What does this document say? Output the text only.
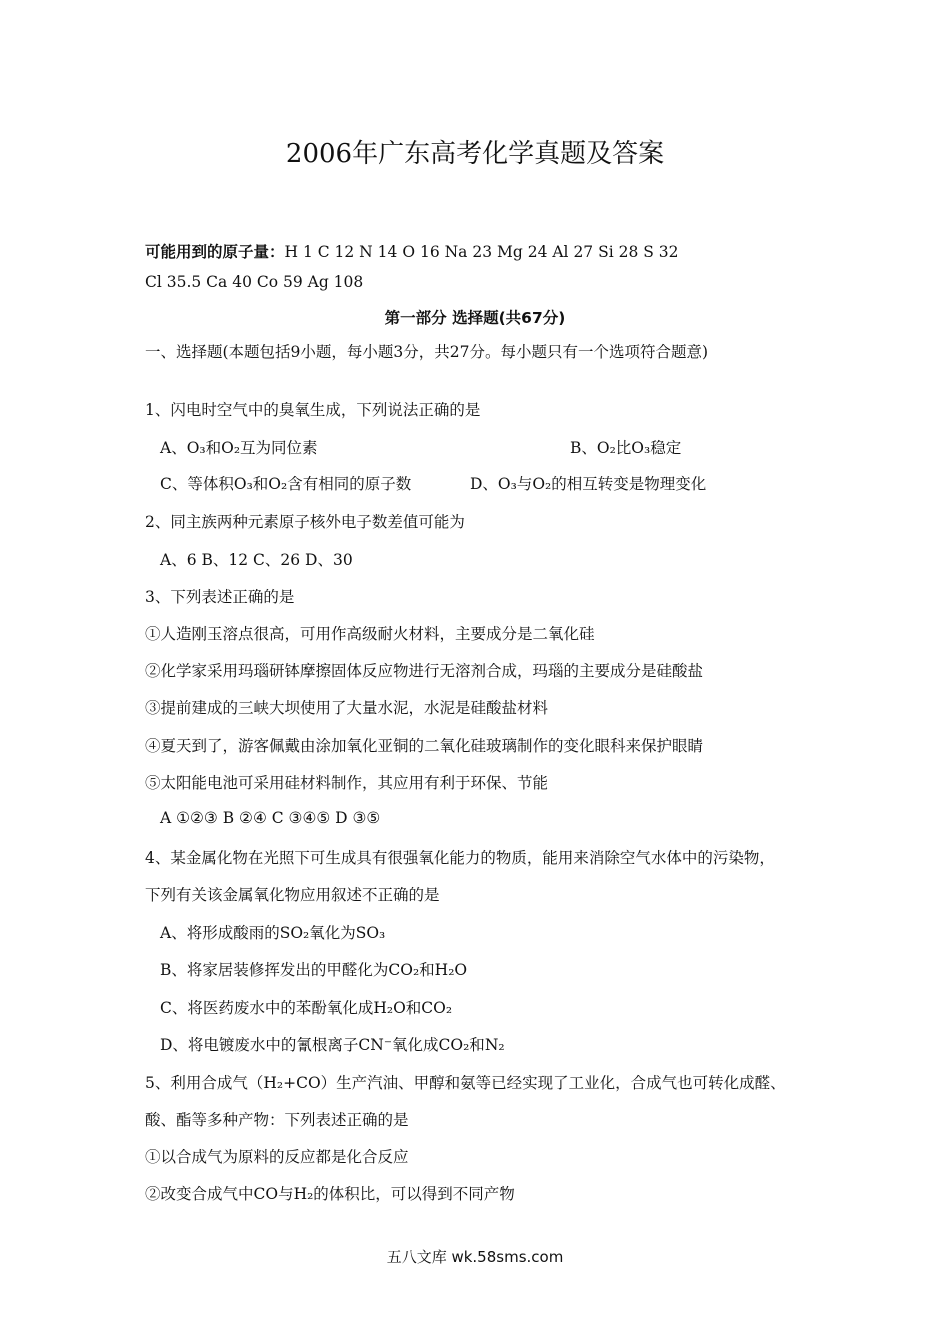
2006年广东高考化学真题及答案
可能用到的原子量：H 1 C 12 N 14 O 16 Na 23 Mg 24 Al 27 Si 28 S 32
Cl 35.5 Ca 40 Co 59 Ag 108
第一部分 选择题(共67分)
一、选择题(本题包括9小题，每小题3分，共27分。每小题只有一个选项符合题意)
1、闪电时空气中的臭氧生成，下列说法正确的是
A、O₃和O₂互为同位素	B、O₂比O₃稳定
C、等体积O₃和O₂含有相同的原子数	D、O₃与O₂的相互转变是物理变化
2、同主族两种元素原子核外电子数差值可能为
A、6 B、12 C、26 D、30
3、下列表述正确的是
①人造刚玉溶点很高，可用作高级耐火材料，主要成分是二氧化硅
②化学家采用玛瑙研钵摩擦固体反应物进行无溶剂合成，玛瑙的主要成分是硅酸盐
③提前建成的三峡大坝使用了大量水泥，水泥是硅酸盐材料
④夏天到了，游客佩戴由涂加氧化亚铜的二氧化硅玻璃制作的变化眼科来保护眼睛
⑤太阳能电池可采用硅材料制作，其应用有利于环保、节能
A ①②③ B ②④ C ③④⑤ D ③⑤
4、某金属化物在光照下可生成具有很强氧化能力的物质，能用来消除空气水体中的污染物，
下列有关该金属氧化物应用叙述不正确的是
A、将形成酸雨的SO₂氧化为SO₃
B、将家居装修挥发出的甲醛化为CO₂和H₂O
C、将医药废水中的苯酚氧化成H₂O和CO₂
D、将电镀废水中的氰根离子CN⁻氧化成CO₂和N₂
5、利用合成气（H₂+CO）生产汽油、甲醇和氨等已经实现了工业化，合成气也可转化成醛、
酸、酯等多种产物：下列表述正确的是
①以合成气为原料的反应都是化合反应
②改变合成气中CO与H₂的体积比，可以得到不同产物
五八文库 wk.58sms.com
